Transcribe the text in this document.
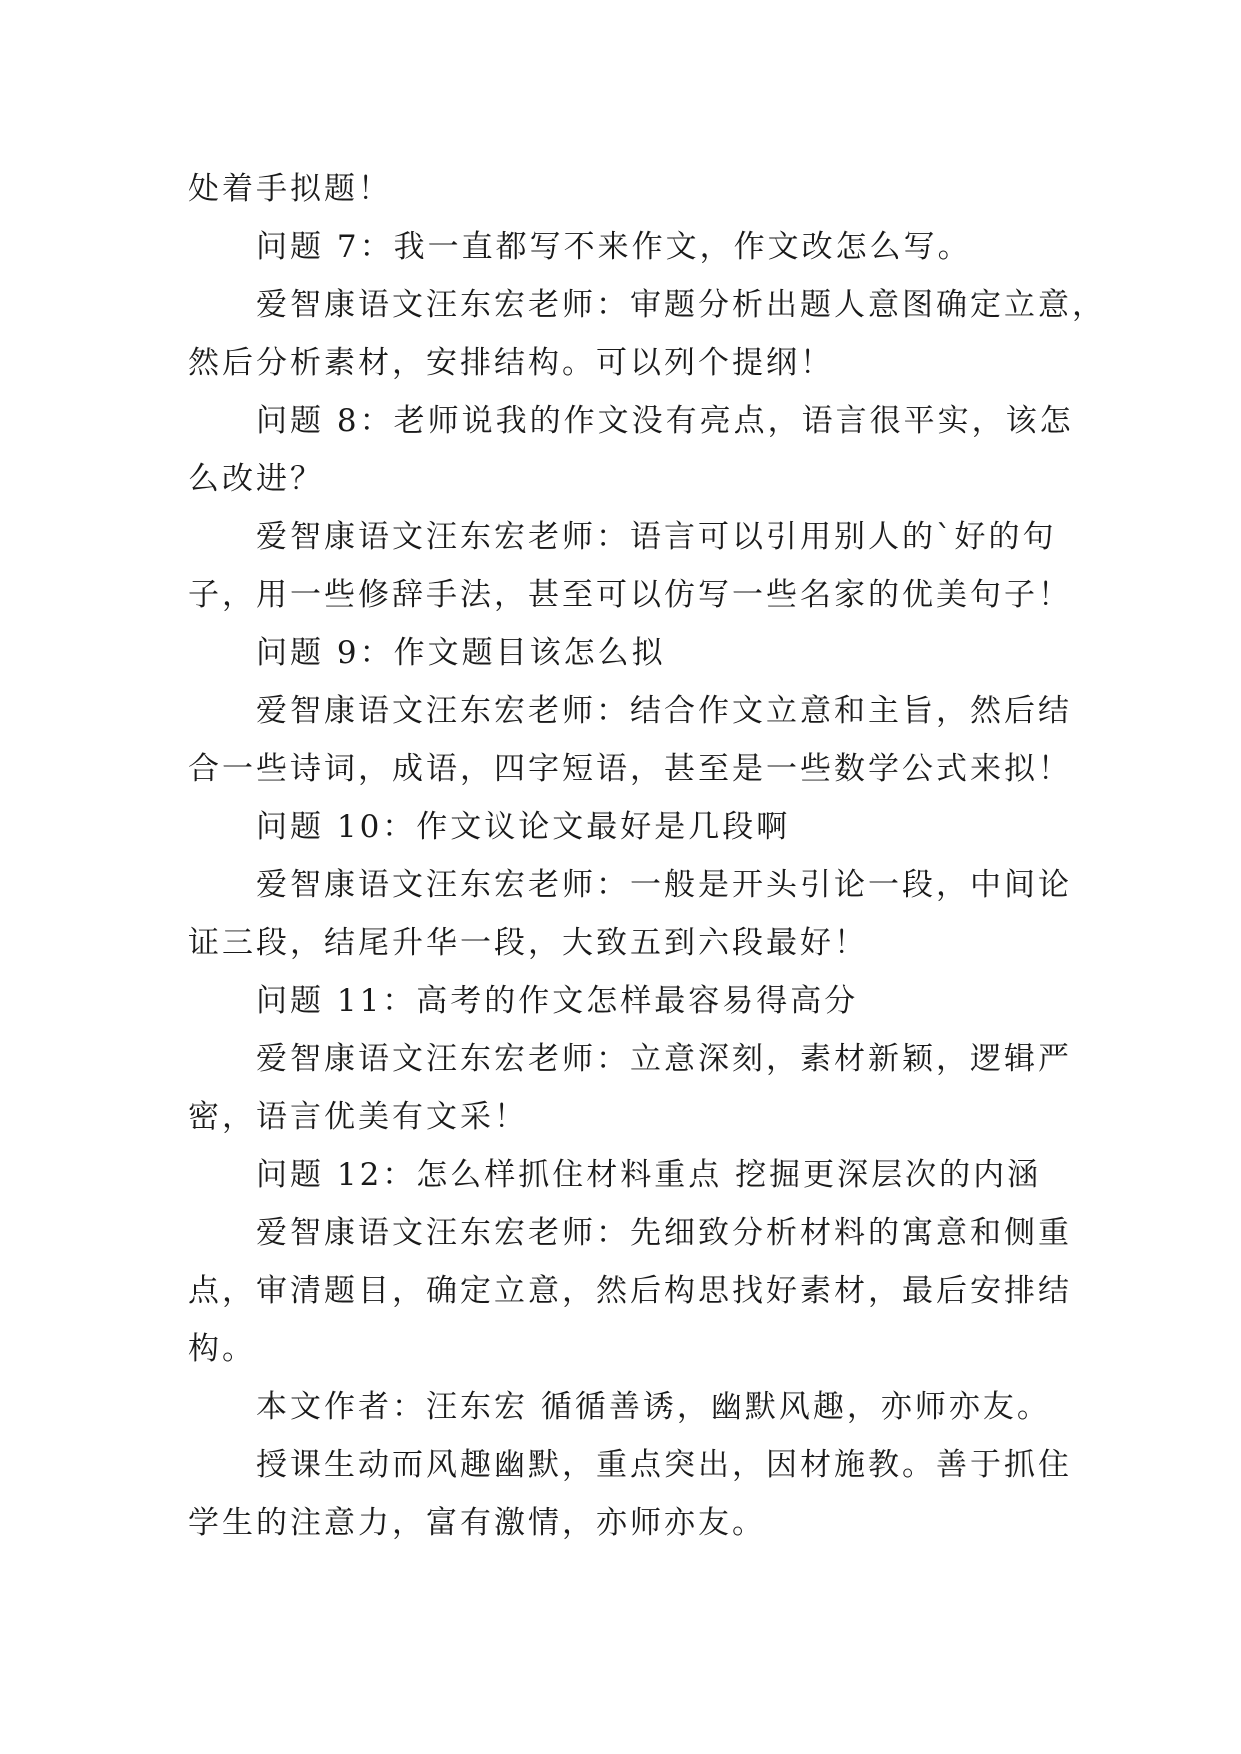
处着手拟题！
问题 7：我一直都写不来作文，作文改怎么写。
爱智康语文汪东宏老师：审题分析出题人意图确定立意，
然后分析素材，安排结构。可以列个提纲！
问题 8：老师说我的作文没有亮点，语言很平实，该怎
么改进？
爱智康语文汪东宏老师：语言可以引用别人的`好的句
子，用一些修辞手法，甚至可以仿写一些名家的优美句子！
问题 9：作文题目该怎么拟
爱智康语文汪东宏老师：结合作文立意和主旨，然后结
合一些诗词，成语，四字短语，甚至是一些数学公式来拟！
问题 10：作文议论文最好是几段啊
爱智康语文汪东宏老师：一般是开头引论一段，中间论
证三段，结尾升华一段，大致五到六段最好！
问题 11：高考的作文怎样最容易得高分
爱智康语文汪东宏老师：立意深刻，素材新颖，逻辑严
密，语言优美有文采！
问题 12：怎么样抓住材料重点 挖掘更深层次的内涵
爱智康语文汪东宏老师：先细致分析材料的寓意和侧重
点，审清题目，确定立意，然后构思找好素材，最后安排结
构。
本文作者：汪东宏 循循善诱，幽默风趣，亦师亦友。
授课生动而风趣幽默，重点突出，因材施教。善于抓住
学生的注意力，富有激情，亦师亦友。
